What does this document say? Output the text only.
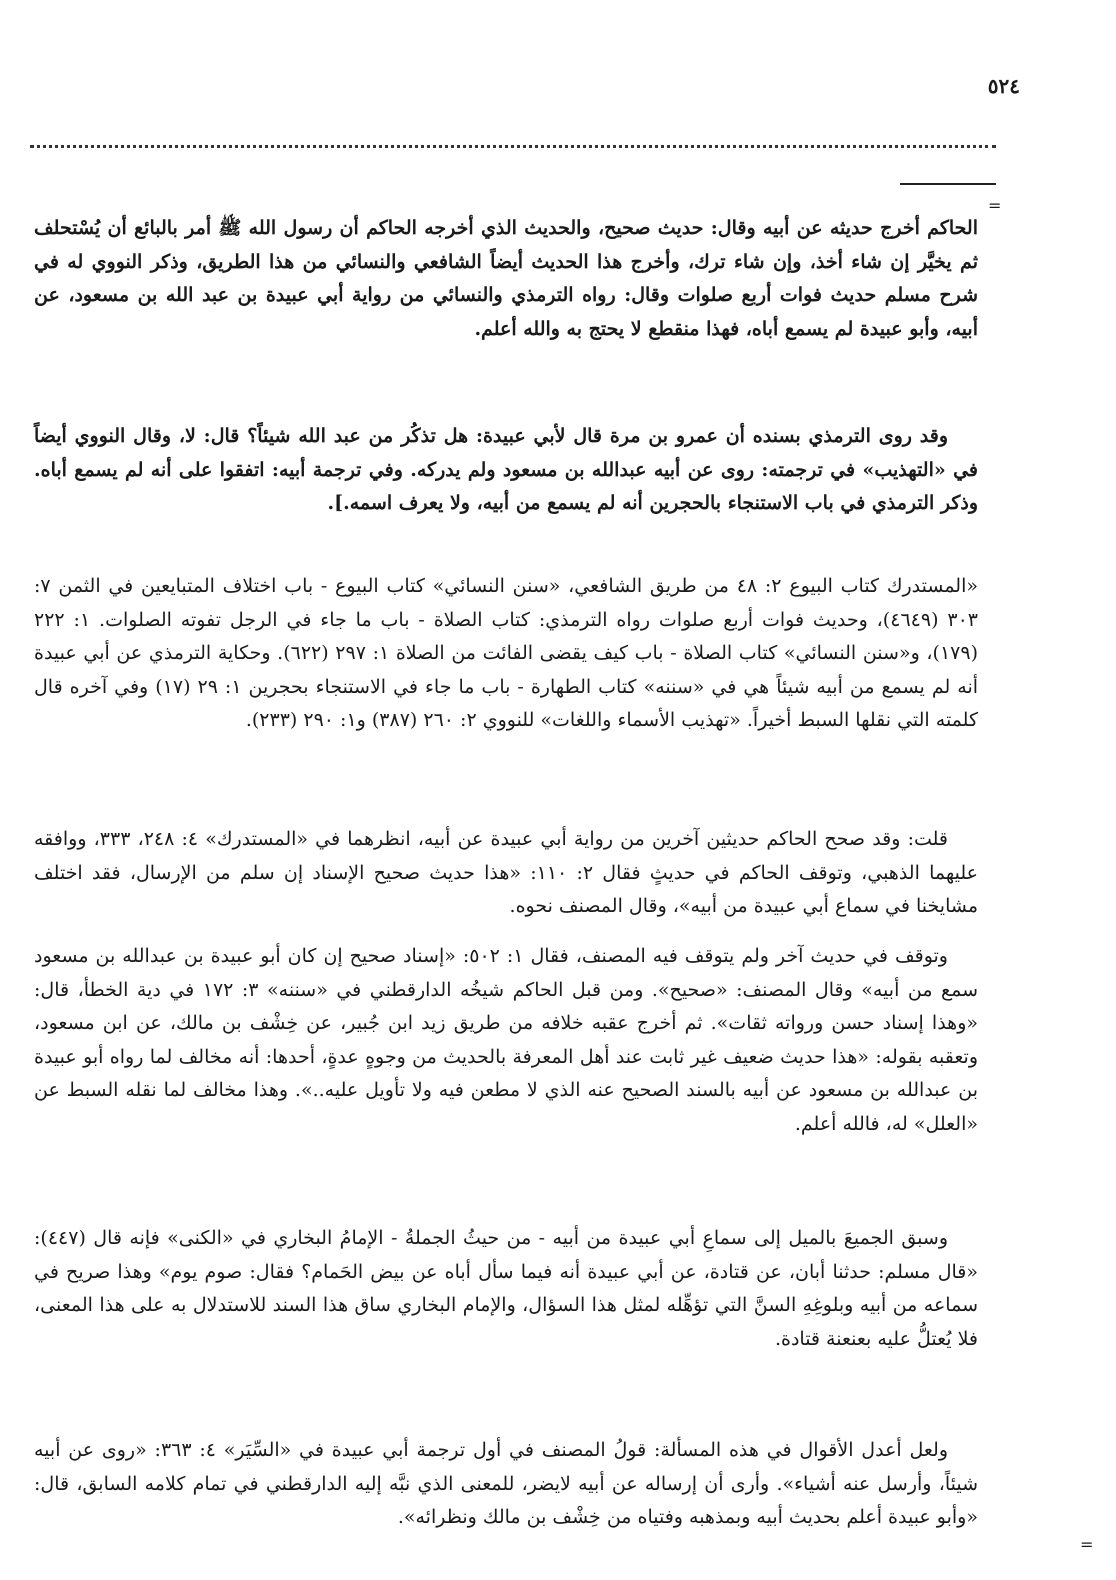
٥٢٤
=

الحاكم أخرج حديثه عن أبيه وقال: حديث صحيح، والحديث الذي أخرجه الحاكم أن رسول الله ﷺ أمر بالبائع أن يُسْتحلف ثم يخيَّر إن شاء أخذ، وإن شاء ترك، وأخرج هذا الحديث أيضاً الشافعي والنسائي من هذا الطريق، وذكر النووي له في شرح مسلم حديث فوات أربع صلوات وقال: رواه الترمذي والنسائي من رواية أبي عبيدة بن عبد الله بن مسعود، عن أبيه، وأبو عبيدة لم يسمع أباه، فهذا منقطع لا يحتج به والله أعلم.

وقد روى الترمذي بسنده أن عمرو بن مرة قال لأبي عبيدة: هل تذكُر من عبد الله شيئاً؟ قال: لا، وقال النووي أيضاً في «التهذيب» في ترجمته: روى عن أبيه عبدالله بن مسعود ولم يدركه. وفي ترجمة أبيه: اتفقوا على أنه لم يسمع أباه. وذكر الترمذي في باب الاستنجاء بالحجرين أنه لم يسمع من أبيه، ولا يعرف اسمه.].

«المستدرك كتاب البيوع ٢: ٤٨ من طريق الشافعي، «سنن النسائي» كتاب البيوع - باب اختلاف المتبايعين في الثمن ٧: ٣٠٣ (٤٦٤٩)، وحديث فوات أربع صلوات رواه الترمذي: كتاب الصلاة - باب ما جاء في الرجل تفوته الصلوات. ١: ٢٢٢ (١٧٩)، و«سنن النسائي» كتاب الصلاة - باب كيف يقضى الفائت من الصلاة ١: ٢٩٧ (٦٢٢). وحكاية الترمذي عن أبي عبيدة أنه لم يسمع من أبيه شيئاً هي في «سننه» كتاب الطهارة - باب ما جاء في الاستنجاء بحجرين ١: ٢٩ (١٧) وفي آخره قال كلمته التي نقلها السبط أخيراً. «تهذيب الأسماء واللغات» للنووي ٢: ٢٦٠ (٣٨٧) و١: ٢٩٠ (٢٣٣).

قلت: وقد صحح الحاكم حديثين آخرين من رواية أبي عبيدة عن أبيه، انظرهما في «المستدرك» ٤: ٢٤٨، ٣٣٣، ووافقه عليهما الذهبي، وتوقف الحاكم في حديثٍ فقال ٢: ١١٠: «هذا حديث صحيح الإسناد إن سلم من الإرسال، فقد اختلف مشايخنا في سماع أبي عبيدة من أبيه»، وقال المصنف نحوه.

وتوقف في حديث آخر ولم يتوقف فيه المصنف، فقال ١: ٥٠٢: «إسناد صحيح إن كان أبو عبيدة بن عبدالله بن مسعود سمع من أبيه» وقال المصنف: «صحيح». ومن قبل الحاكم شيخُه الدارقطني في «سننه» ٣: ١٧٢ في دية الخطأ، قال: «وهذا إسناد حسن ورواته ثقات». ثم أخرج عقبه خلافه من طريق زيد ابن جُبير، عن خِشْف بن مالك، عن ابن مسعود، وتعقبه بقوله: «هذا حديث ضعيف غير ثابت عند أهل المعرفة بالحديث من وجوهٍ عدةٍ، أحدها: أنه مخالف لما رواه أبو عبيدة بن عبدالله بن مسعود عن أبيه بالسند الصحيح عنه الذي لا مطعن فيه ولا تأويل عليه..». وهذا مخالف لما نقله السبط عن «العلل» له، فالله أعلم.

وسبق الجميعَ بالميل إلى سماعِ أبي عبيدة من أبيه - من حيثُ الجملةُ - الإمامُ البخاري في «الكنى» فإنه قال (٤٤٧): «قال مسلم: حدثنا أبان، عن قتادة، عن أبي عبيدة أنه فيما سأل أباه عن بيض الحَمام؟ فقال: صوم يوم» وهذا صريح في سماعه من أبيه وبلوغِهِ السنَّ التي تؤهِّله لمثل هذا السؤال، والإمام البخاري ساق هذا السند للاستدلال به على هذا المعنى، فلا يُعتلُّ عليه بعنعنة قتادة.

ولعل أعدل الأقوال في هذه المسألة: قولُ المصنف في أول ترجمة أبي عبيدة في «السِّيَر» ٤: ٣٦٣: «روى عن أبيه شيئاً، وأرسل عنه أشياء». وأرى أن إرساله عن أبيه لايضر، للمعنى الذي نبَّه إليه الدارقطني في تمام كلامه السابق، قال: «وأبو عبيدة أعلم بحديث أبيه وبمذهبه وفتياه من خِشْف بن مالك ونظرائه».

=
